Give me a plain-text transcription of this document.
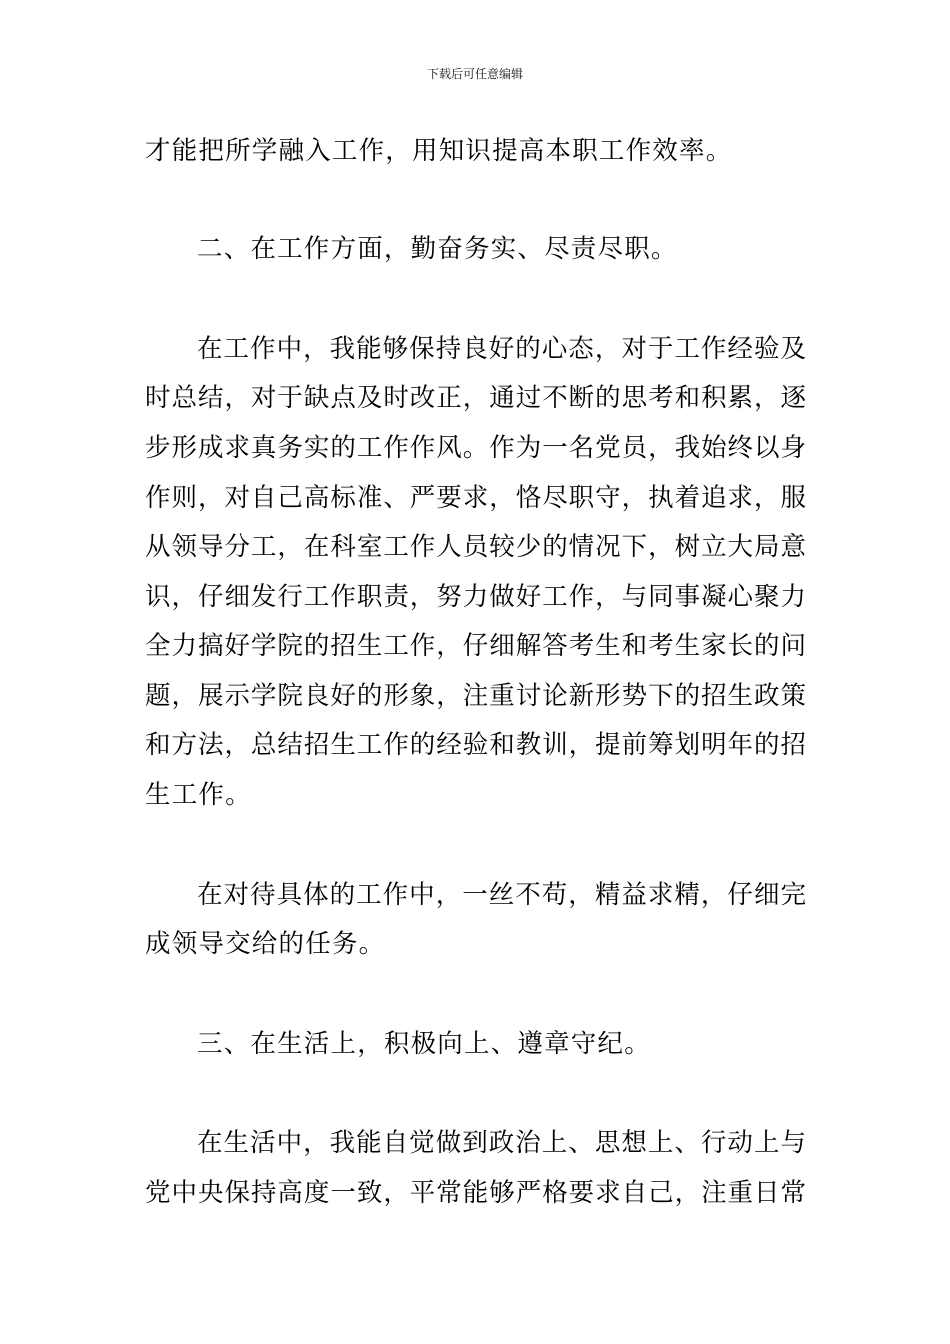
下载后可任意编辑
才能把所学融入工作，用知识提高本职工作效率。
二、在工作方面，勤奋务实、尽责尽职。
在工作中，我能够保持良好的心态，对于工作经验及
时总结，对于缺点及时改正，通过不断的思考和积累，逐
步形成求真务实的工作作风。作为一名党员，我始终以身
作则，对自己高标准、严要求，恪尽职守，执着追求，服
从领导分工，在科室工作人员较少的情况下，树立大局意
识，仔细发行工作职责，努力做好工作，与同事凝心聚力
全力搞好学院的招生工作，仔细解答考生和考生家长的问
题，展示学院良好的形象，注重讨论新形势下的招生政策
和方法，总结招生工作的经验和教训，提前筹划明年的招
生工作。
在对待具体的工作中，一丝不苟，精益求精，仔细完
成领导交给的任务。
三、在生活上，积极向上、遵章守纪。
在生活中，我能自觉做到政治上、思想上、行动上与
党中央保持高度一致，平常能够严格要求自己，注重日常
